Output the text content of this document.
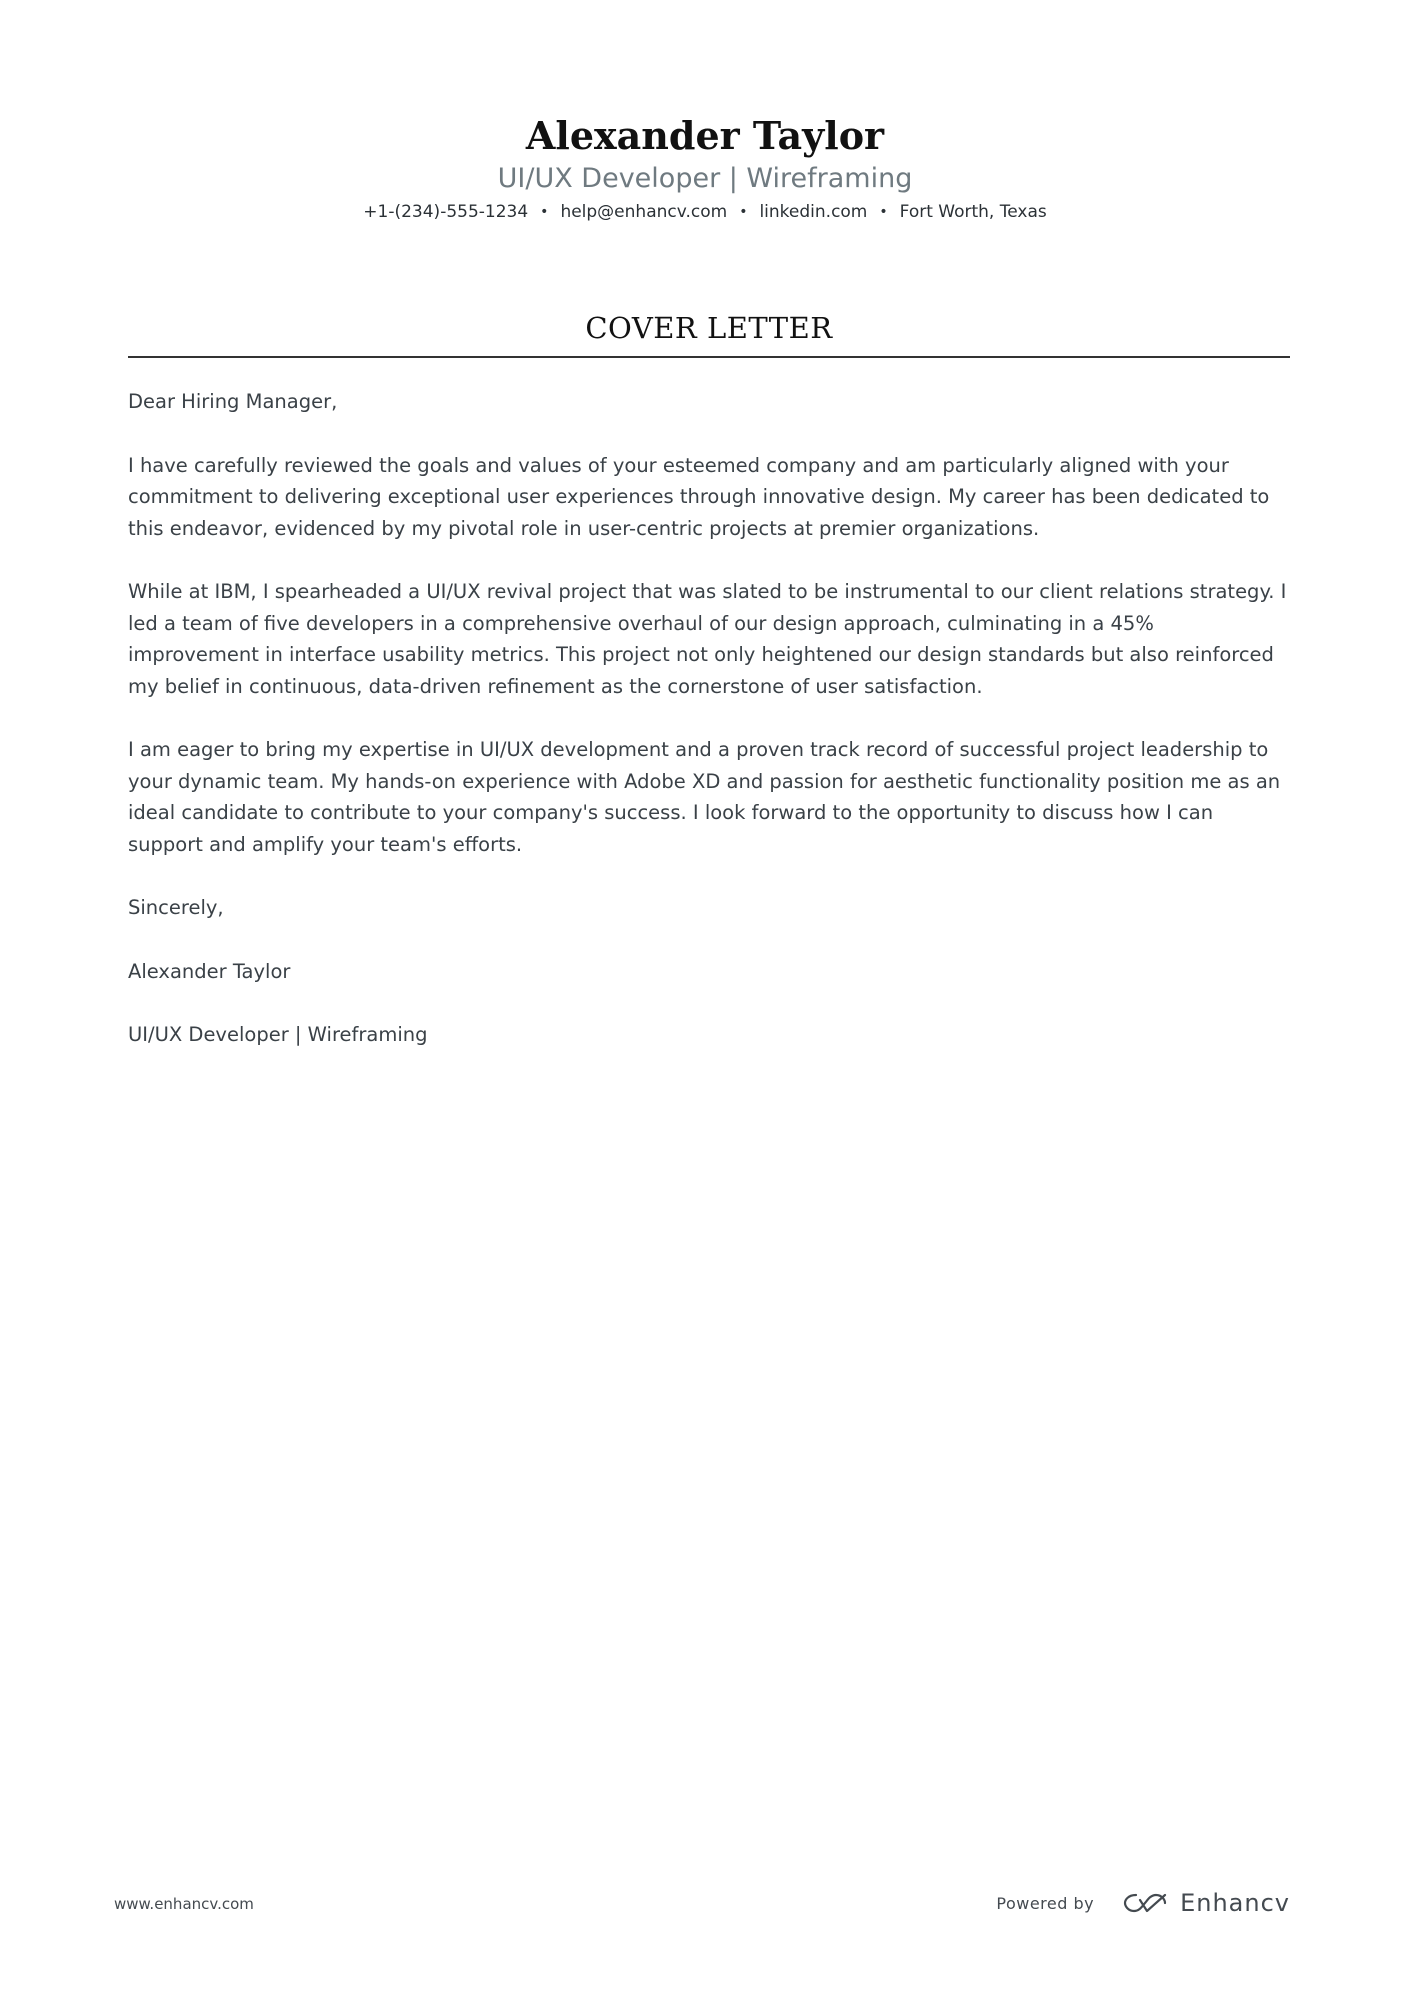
Alexander Taylor
UI/UX Developer | Wireframing
+1-(234)-555-1234 • help@enhancv.com • linkedin.com • Fort Worth, Texas
COVER LETTER

Dear Hiring Manager,

I have carefully reviewed the goals and values of your esteemed company and am particularly aligned with your commitment to delivering exceptional user experiences through innovative design. My career has been dedicated to this endeavor, evidenced by my pivotal role in user-centric projects at premier organizations.

While at IBM, I spearheaded a UI/UX revival project that was slated to be instrumental to our client relations strategy. I led a team of five developers in a comprehensive overhaul of our design approach, culminating in a 45% improvement in interface usability metrics. This project not only heightened our design standards but also reinforced my belief in continuous, data-driven refinement as the cornerstone of user satisfaction.

I am eager to bring my expertise in UI/UX development and a proven track record of successful project leadership to your dynamic team. My hands-on experience with Adobe XD and passion for aesthetic functionality position me as an ideal candidate to contribute to your company's success. I look forward to the opportunity to discuss how I can support and amplify your team's efforts.

Sincerely,

Alexander Taylor

UI/UX Developer | Wireframing

www.enhancv.com	Powered by	Enhancv
